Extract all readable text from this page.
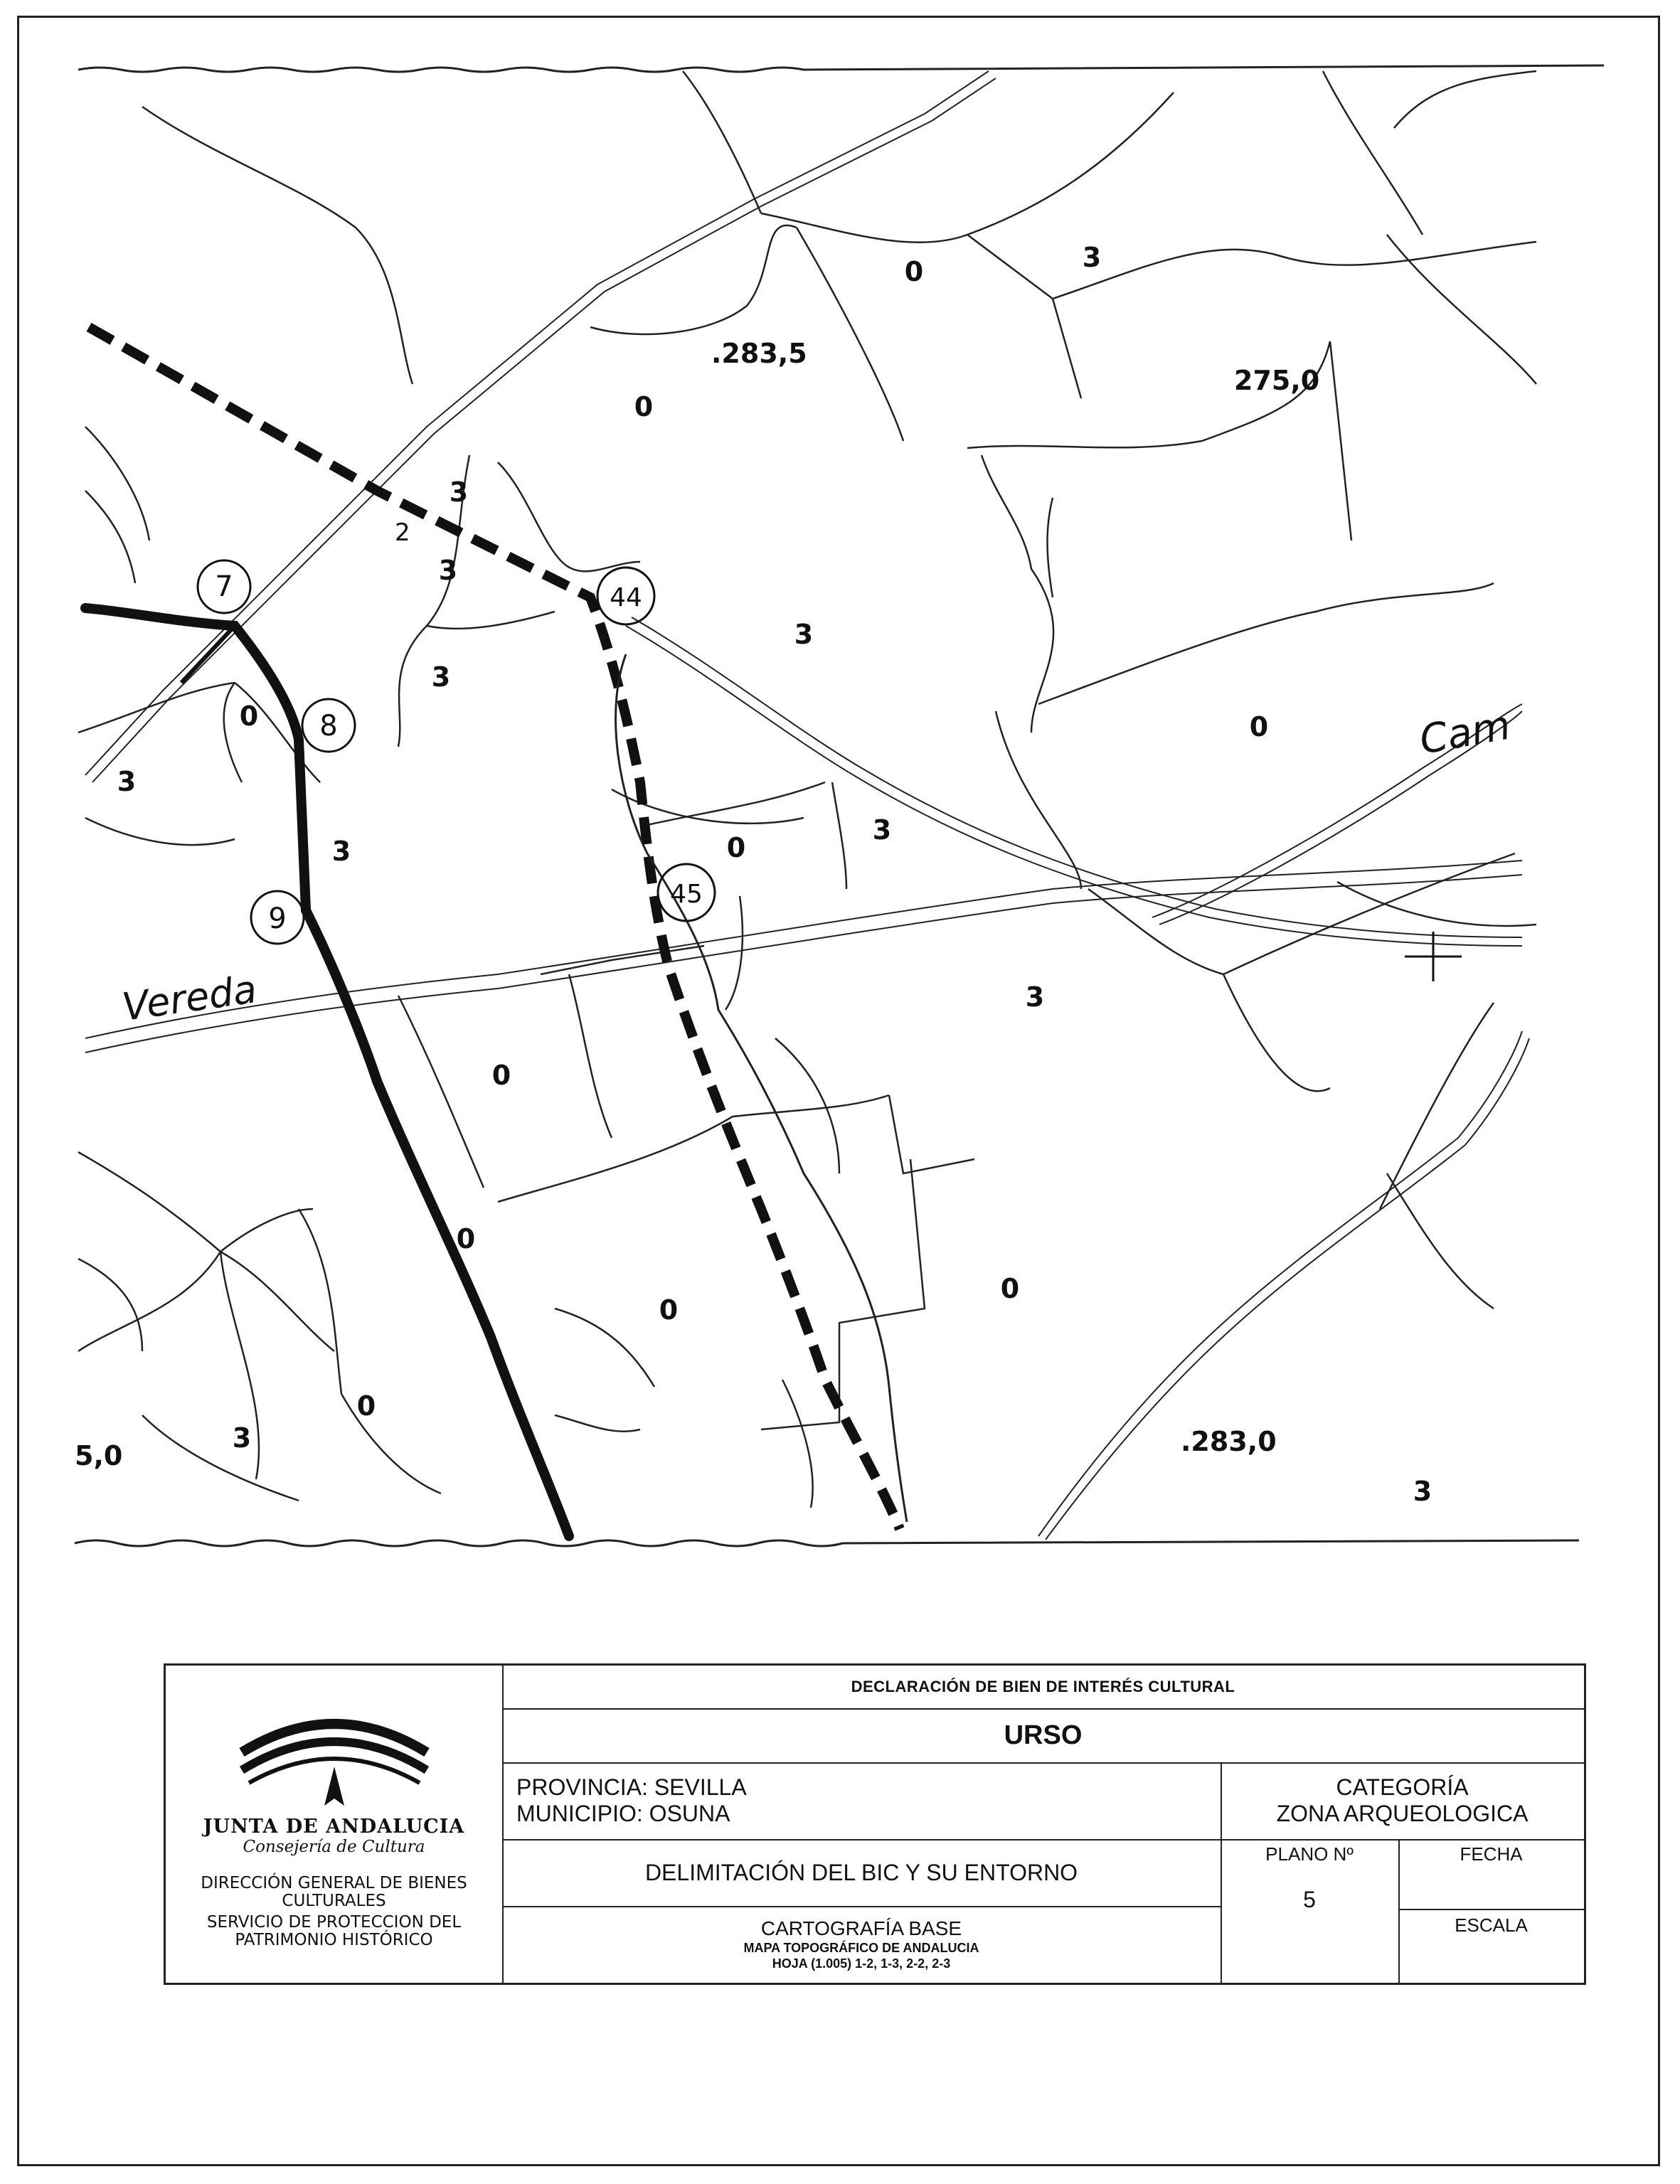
7
8
9
44
45
.283,5
275,0
.283,0
5,0
Vereda
Cam
2
0	3
0
3
3
3
3
0
0
3
3	0
3
3
0
0
0
0
0
3
3
JUNTA DE ANDALUCIA
Consejería de Cultura
DIRECCIÓN GENERAL DE BIENES CULTURALES
SERVICIO DE PROTECCION DEL PATRIMONIO HISTÓRICO
DECLARACIÓN DE BIEN DE INTERÉS CULTURAL
URSO
PROVINCIA: SEVILLA
MUNICIPIO: OSUNA
CATEGORÍA
ZONA ARQUEOLOGICA
DELIMITACIÓN DEL BIC Y SU ENTORNO
PLANO Nº
5
FECHA
ESCALA
CARTOGRAFÍA BASE
MAPA TOPOGRÁFICO DE ANDALUCIA
HOJA (1.005) 1-2, 1-3, 2-2, 2-3
